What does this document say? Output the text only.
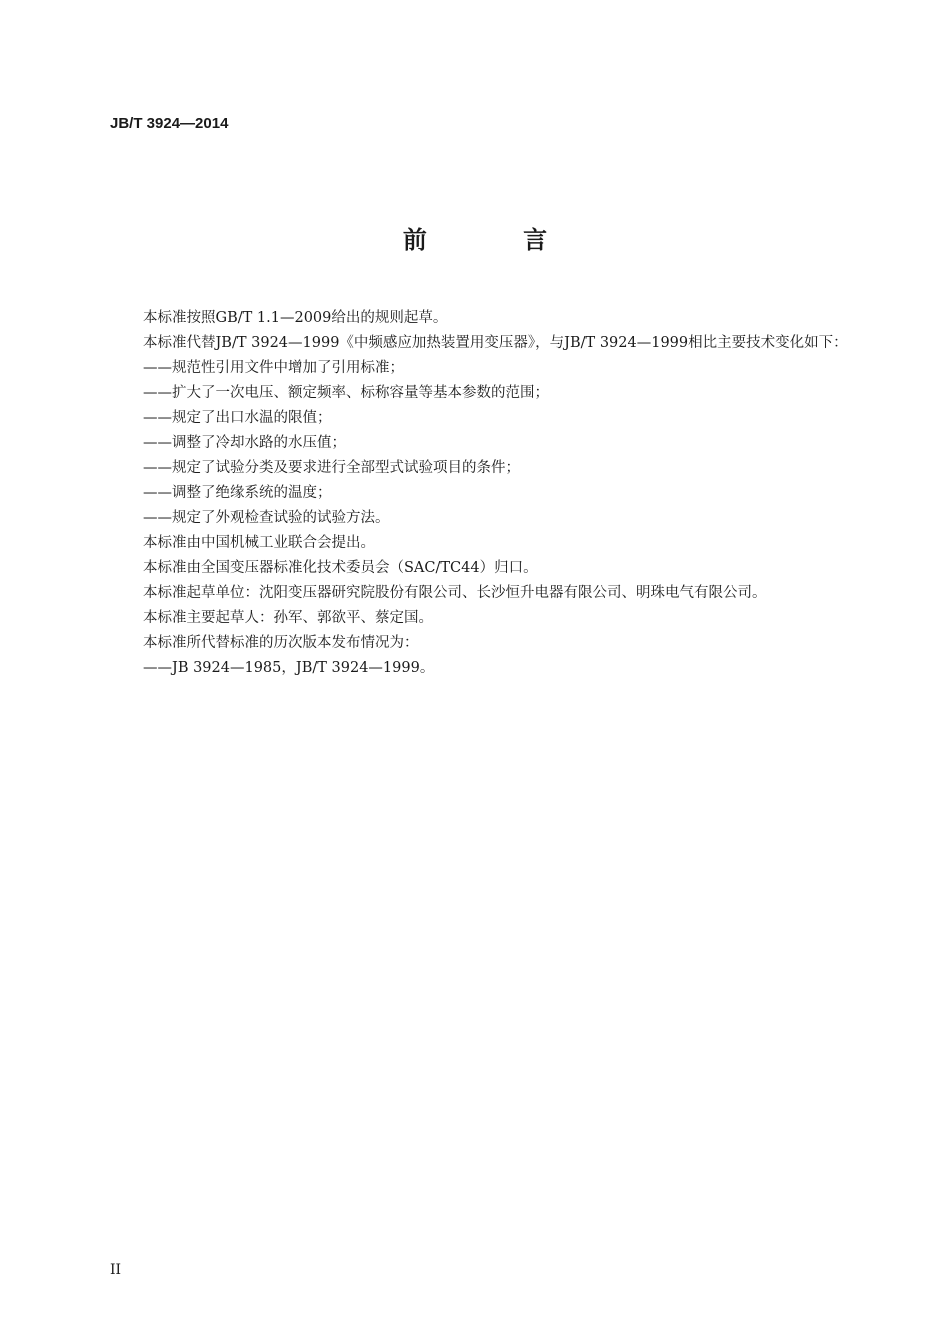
JB/T 3924—2014
前 言

本标准按照GB/T 1.1—2009给出的规则起草。

本标准代替JB/T 3924—1999《中频感应加热装置用变压器》，与JB/T 3924—1999相比主要技术变化如下：

——规范性引用文件中增加了引用标准；

——扩大了一次电压、额定频率、标称容量等基本参数的范围；

——规定了出口水温的限值；

——调整了冷却水路的水压值；

——规定了试验分类及要求进行全部型式试验项目的条件；

——调整了绝缘系统的温度；

——规定了外观检查试验的试验方法。

本标准由中国机械工业联合会提出。

本标准由全国变压器标准化技术委员会（SAC/TC44）归口。

本标准起草单位：沈阳变压器研究院股份有限公司、长沙恒升电器有限公司、明珠电气有限公司。

本标准主要起草人：孙军、郭欲平、蔡定国。

本标准所代替标准的历次版本发布情况为：

——JB 3924—1985，JB/T 3924—1999。

II
